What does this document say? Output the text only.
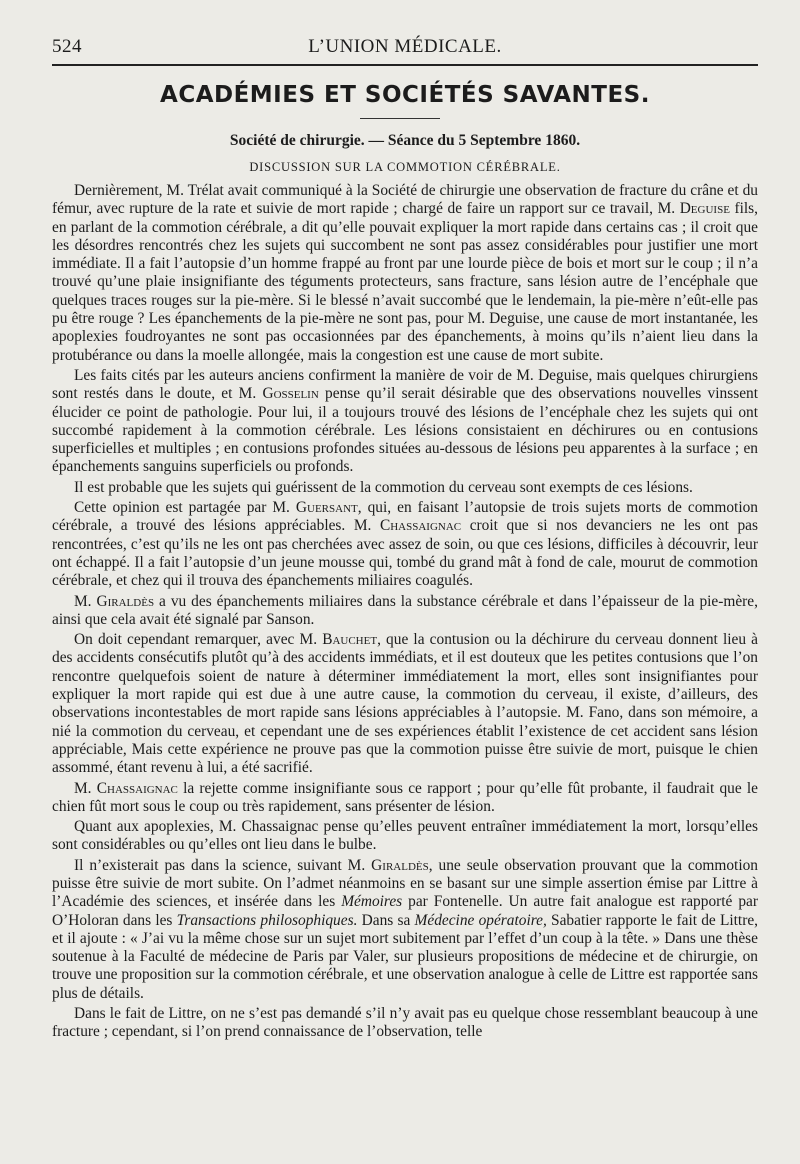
524	L’UNION MÉDICALE.
ACADÉMIES ET SOCIÉTÉS SAVANTES.
Société de chirurgie. — Séance du 5 Septembre 1860.
DISCUSSION SUR LA COMMOTION CÉRÉBRALE.

Dernièrement, M. Trélat avait communiqué à la Société de chirurgie une observation de fracture du crâne et du fémur, avec rupture de la rate et suivie de mort rapide ; chargé de faire un rapport sur ce travail, M. Deguise fils, en parlant de la commotion cérébrale, a dit qu’elle pouvait expliquer la mort rapide dans certains cas ; il croit que les désordres rencontrés chez les sujets qui succombent ne sont pas assez considérables pour justifier une mort immédiate. Il a fait l’autopsie d’un homme frappé au front par une lourde pièce de bois et mort sur le coup ; il n’a trouvé qu’une plaie insignifiante des téguments protecteurs, sans fracture, sans lésion autre de l’encéphale que quelques traces rouges sur la pie-mère. Si le blessé n’avait succombé que le lendemain, la pie-mère n’eût-elle pas pu être rouge ? Les épanchements de la pie-mère ne sont pas, pour M. Deguise, une cause de mort instantanée, les apoplexies foudroyantes ne sont pas occasionnées par des épanchements, à moins qu’ils n’aient lieu dans la protubérance ou dans la moelle allongée, mais la congestion est une cause de mort subite.

Les faits cités par les auteurs anciens confirment la manière de voir de M. Deguise, mais quelques chirurgiens sont restés dans le doute, et M. Gosselin pense qu’il serait désirable que des observations nouvelles vinssent élucider ce point de pathologie. Pour lui, il a toujours trouvé des lésions de l’encéphale chez les sujets qui ont succombé rapidement à la commotion cérébrale. Les lésions consistaient en déchirures ou en contusions superficielles et multiples ; en contusions profondes situées au-dessous de lésions peu apparentes à la surface ; en épanchements sanguins superficiels ou profonds.

Il est probable que les sujets qui guérissent de la commotion du cerveau sont exempts de ces lésions.

Cette opinion est partagée par M. Guersant, qui, en faisant l’autopsie de trois sujets morts de commotion cérébrale, a trouvé des lésions appréciables. M. Chassaignac croit que si nos devanciers ne les ont pas rencontrées, c’est qu’ils ne les ont pas cherchées avec assez de soin, ou que ces lésions, difficiles à découvrir, leur ont échappé. Il a fait l’autopsie d’un jeune mousse qui, tombé du grand mât à fond de cale, mourut de commotion cérébrale, et chez qui il trouva des épanchements miliaires coagulés.

M. Giraldès a vu des épanchements miliaires dans la substance cérébrale et dans l’épaisseur de la pie-mère, ainsi que cela avait été signalé par Sanson.

On doit cependant remarquer, avec M. Bauchet, que la contusion ou la déchirure du cerveau donnent lieu à des accidents consécutifs plutôt qu’à des accidents immédiats, et il est douteux que les petites contusions que l’on rencontre quelquefois soient de nature à déterminer immédiatement la mort, elles sont insignifiantes pour expliquer la mort rapide qui est due à une autre cause, la commotion du cerveau, il existe, d’ailleurs, des observations incontestables de mort rapide sans lésions appréciables à l’autopsie. M. Fano, dans son mémoire, a nié la commotion du cerveau, et cependant une de ses expériences établit l’existence de cet accident sans lésion appréciable, Mais cette expérience ne prouve pas que la commotion puisse être suivie de mort, puisque le chien assommé, étant revenu à lui, a été sacrifié.

M. Chassaignac la rejette comme insignifiante sous ce rapport ; pour qu’elle fût probante, il faudrait que le chien fût mort sous le coup ou très rapidement, sans présenter de lésion.

Quant aux apoplexies, M. Chassaignac pense qu’elles peuvent entraîner immédiatement la mort, lorsqu’elles sont considérables ou qu’elles ont lieu dans le bulbe.

Il n’existerait pas dans la science, suivant M. Giraldès, une seule observation prouvant que la commotion puisse être suivie de mort subite. On l’admet néanmoins en se basant sur une simple assertion émise par Littre à l’Académie des sciences, et insérée dans les Mémoires par Fontenelle. Un autre fait analogue est rapporté par O’Holoran dans les Transactions philosophiques. Dans sa Médecine opératoire, Sabatier rapporte le fait de Littre, et il ajoute : « J’ai vu la même chose sur un sujet mort subitement par l’effet d’un coup à la tête. » Dans une thèse soutenue à la Faculté de médecine de Paris par Valer, sur plusieurs propositions de médecine et de chirurgie, on trouve une proposition sur la commotion cérébrale, et une observation analogue à celle de Littre est rapportée sans plus de détails.

Dans le fait de Littre, on ne s’est pas demandé s’il n’y avait pas eu quelque chose ressemblant beaucoup à une fracture ; cependant, si l’on prend connaissance de l’observation, telle
